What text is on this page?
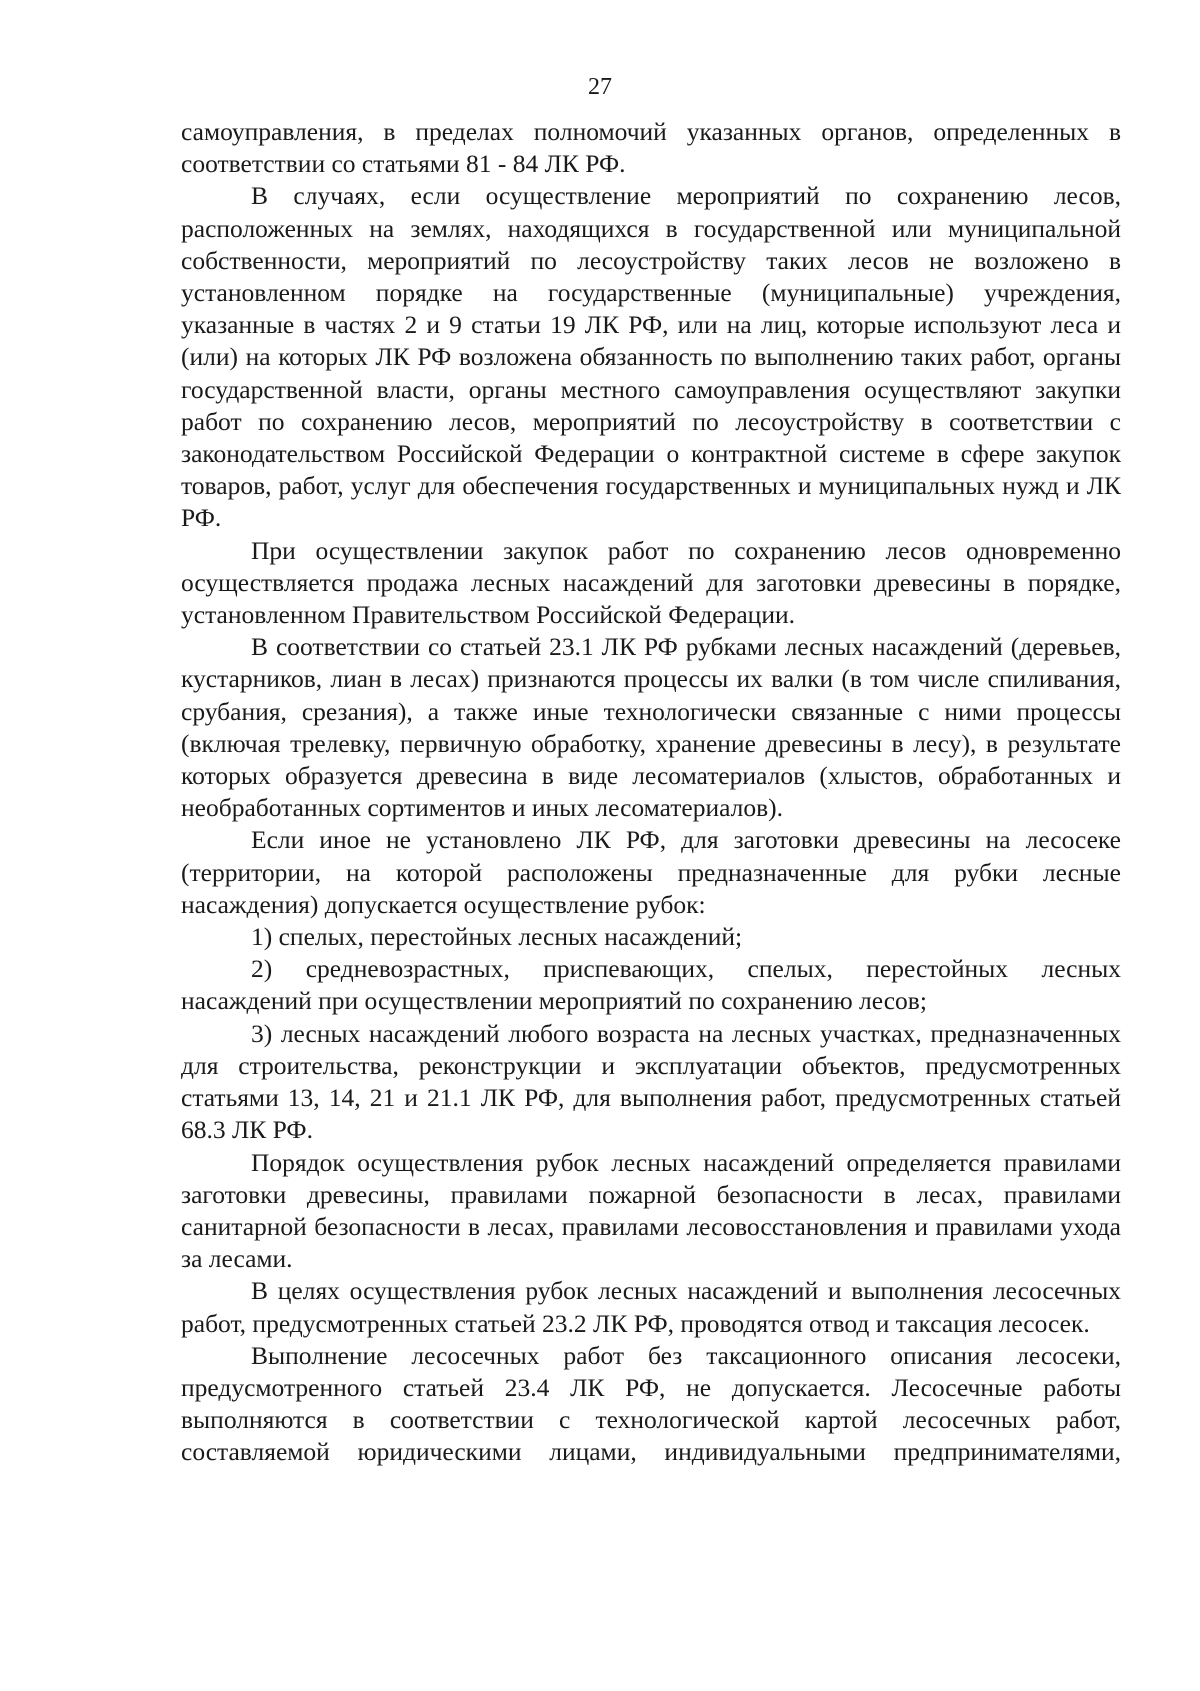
27

самоуправления, в пределах полномочий указанных органов, определенных в соответствии со статьями 81 - 84 ЛК РФ.

В случаях, если осуществление мероприятий по сохранению лесов, расположенных на землях, находящихся в государственной или муниципальной собственности, мероприятий по лесоустройству таких лесов не возложено в установленном порядке на государственные (муниципальные) учреждения, указанные в частях 2 и 9 статьи 19 ЛК РФ, или на лиц, которые используют леса и (или) на которых ЛК РФ возложена обязанность по выполнению таких работ, органы государственной власти, органы местного самоуправления осуществляют закупки работ по сохранению лесов, мероприятий по лесоустройству в соответствии с законодательством Российской Федерации о контрактной системе в сфере закупок товаров, работ, услуг для обеспечения государственных и муниципальных нужд и ЛК РФ.

При осуществлении закупок работ по сохранению лесов одновременно осуществляется продажа лесных насаждений для заготовки древесины в порядке, установленном Правительством Российской Федерации.

В соответствии со статьей 23.1 ЛК РФ рубками лесных насаждений (деревьев, кустарников, лиан в лесах) признаются процессы их валки (в том числе спиливания, срубания, срезания), а также иные технологически связанные с ними процессы (включая трелевку, первичную обработку, хранение древесины в лесу), в результате которых образуется древесина в виде лесоматериалов (хлыстов, обработанных и необработанных сортиментов и иных лесоматериалов).

Если иное не установлено ЛК РФ, для заготовки древесины на лесосеке (территории, на которой расположены предназначенные для рубки лесные насаждения) допускается осуществление рубок:

1) спелых, перестойных лесных насаждений;

2) средневозрастных, приспевающих, спелых, перестойных лесных насаждений при осуществлении мероприятий по сохранению лесов;

3) лесных насаждений любого возраста на лесных участках, предназначенных для строительства, реконструкции и эксплуатации объектов, предусмотренных статьями 13, 14, 21 и 21.1 ЛК РФ, для выполнения работ, предусмотренных статьей 68.3 ЛК РФ.

Порядок осуществления рубок лесных насаждений определяется правилами заготовки древесины, правилами пожарной безопасности в лесах, правилами санитарной безопасности в лесах, правилами лесовосстановления и правилами ухода за лесами.

В целях осуществления рубок лесных насаждений и выполнения лесосечных работ, предусмотренных статьей 23.2 ЛК РФ, проводятся отвод и таксация лесосек.

Выполнение лесосечных работ без таксационного описания лесосеки, предусмотренного статьей 23.4 ЛК РФ, не допускается. Лесосечные работы выполняются в соответствии с технологической картой лесосечных работ, составляемой юридическими лицами, индивидуальными предпринимателями,
